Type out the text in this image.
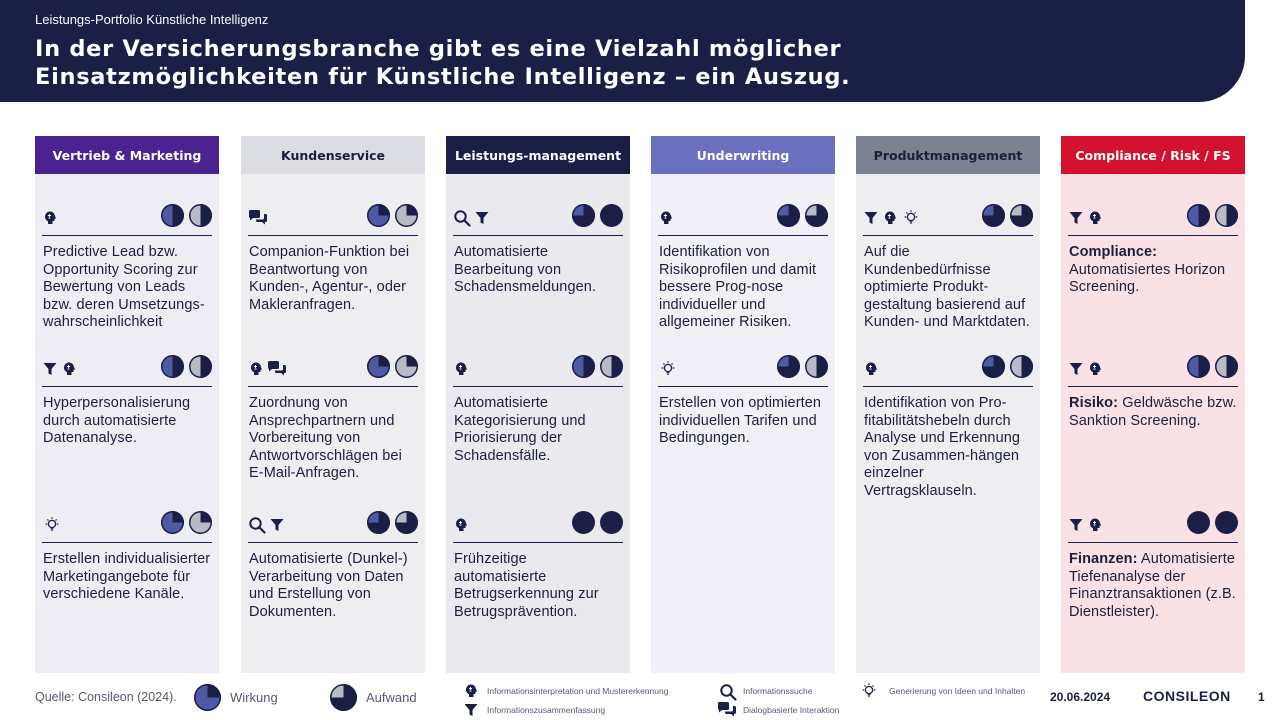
Leistungs-Portfolio Künstliche Intelligenz
In der Versicherungsbranche gibt es eine Vielzahl möglicher
Einsatzmöglichkeiten für Künstliche Intelligenz – ein Auszug.
Vertrieb & Marketing
Predictive Lead bzw. Opportunity Scoring zur Bewertung von Leads bzw. deren Umsetzungs-wahrscheinlichkeit
Hyperpersonalisierung durch automatisierte Datenanalyse.
Erstellen individualisierter Marketingangebote für verschiedene Kanäle.
Kundenservice
Companion-Funktion bei Beantwortung von Kunden-, Agentur-, oder Makleranfragen.
Zuordnung von Ansprechpartnern und Vorbereitung von Antwortvorschlägen bei E-Mail-Anfragen.
Automatisierte (Dunkel-) Verarbeitung von Daten und Erstellung von Dokumenten.
Leistungs-management
Automatisierte Bearbeitung von Schadensmeldungen.
Automatisierte Kategorisierung und Priorisierung der Schadensfälle.
Frühzeitige automatisierte Betrugserkennung zur Betrugsprävention.
Underwriting
Identifikation von Risikoprofilen und damit bessere Prog-nose individueller und allgemeiner Risiken.
Erstellen von optimierten individuellen Tarifen und Bedingungen.
Produktmanagement
Auf die Kundenbedürfnisse optimierte Produkt-gestaltung basierend auf Kunden- und Marktdaten.
Identifikation von Pro-fitabilitätshebeln durch Analyse und Erkennung von Zusammen-hängen einzelner Vertragsklauseln.
Compliance / Risk / FS
Compliance: Automatisiertes Horizon Screening.
Risiko: Geldwäsche bzw. Sanktion Screening.
Finanzen: Automatisierte Tiefenanalyse der Finanztransaktionen (z.B. Dienstleister).
Quelle: Consileon (2024).	Wirkung	Aufwand	Informationsinterpretation und Mustererkennung
Informationszusammenfassung
Informationssuche
Dialogbasierte Interaktion
Generierung von Ideen und Inhalten 20.06.2024 CONSILEON 1
